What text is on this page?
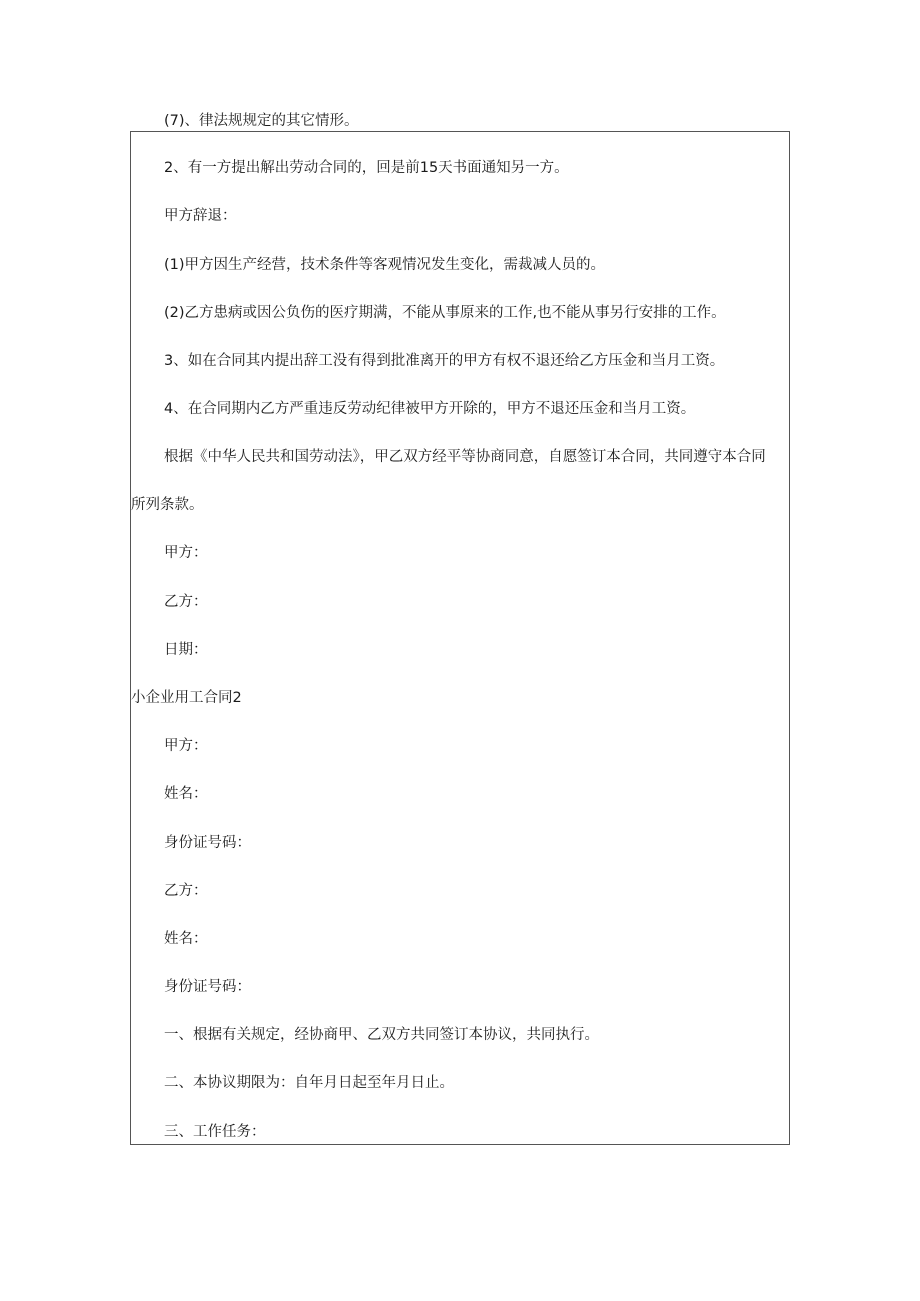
(7)、律法规规定的其它情形。

2、有一方提出解出劳动合同的，回是前15天书面通知另一方。

甲方辞退：

(1)甲方因生产经营，技术条件等客观情况发生变化，需裁减人员的。

(2)乙方患病或因公负伤的医疗期满，不能从事原来的工作,也不能从事另行安排的工作。

3、如在合同其内提出辞工没有得到批准离开的甲方有权不退还给乙方压金和当月工资。

4、在合同期内乙方严重违反劳动纪律被甲方开除的，甲方不退还压金和当月工资。

根据《中华人民共和国劳动法》，甲乙双方经平等协商同意，自愿签订本合同，共同遵守本合同

所列条款。

甲方：

乙方：

日期：

小企业用工合同2

甲方：

姓名：

身份证号码：

乙方：

姓名：

身份证号码：

一、根据有关规定，经协商甲、乙双方共同签订本协议，共同执行。

二、本协议期限为：自年月日起至年月日止。

三、工作任务：
